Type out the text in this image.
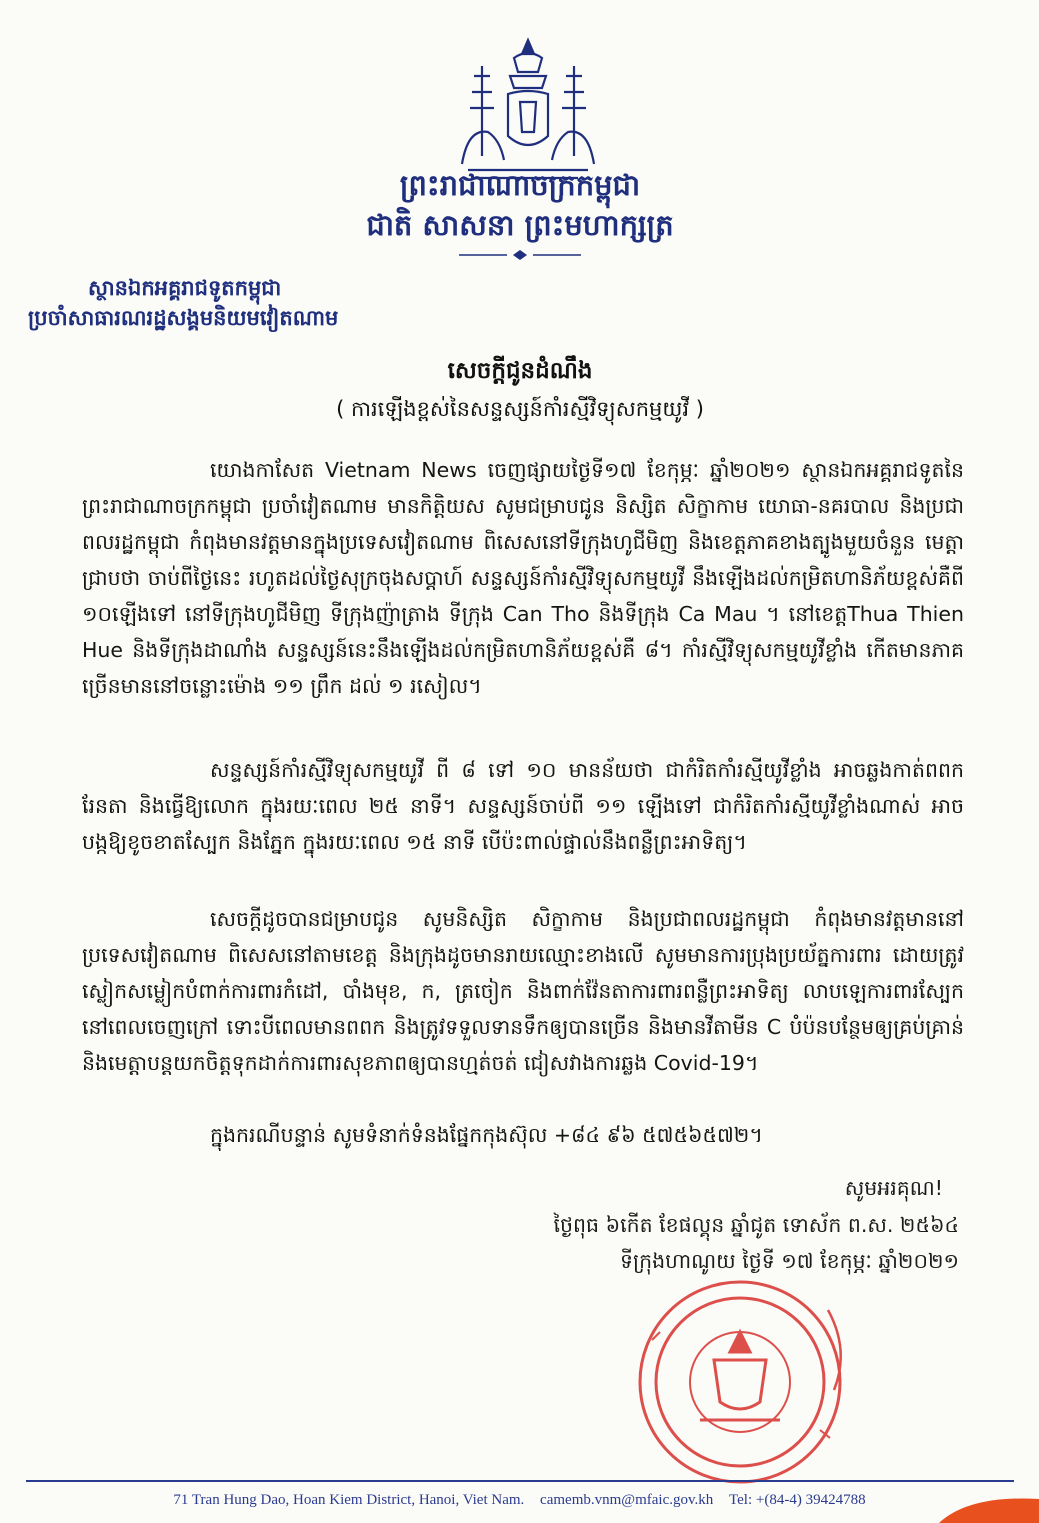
ព្រះរាជាណាចក្រកម្ពុជា
ជាតិ សាសនា ព្រះមហាក្សត្រ
ស្ថានឯកអគ្គរាជទូតកម្ពុជា
ប្រចាំសាធារណរដ្ឋសង្គមនិយមវៀតណាម
សេចក្តីជូនដំណឹង
( ការឡើងខ្ពស់នៃសន្ទស្សន៍កាំរស្មីវិទ្យុសកម្មយូវី )

យោងកាសែត Vietnam News ចេញផ្សាយថ្ងៃទី១៧ ខែកុម្ភៈ ឆ្នាំ២០២១ ស្ថានឯកអគ្គរាជទូតនៃព្រះរាជាណាចក្រកម្ពុជា ប្រចាំវៀតណាម មានកិត្តិយស សូមជម្រាបជូន និស្សិត សិក្ខាកាម យោធា-នគរបាល និងប្រជាពលរដ្ឋកម្ពុជា កំពុងមានវត្តមានក្នុងប្រទេសវៀតណាម ពិសេសនៅទីក្រុងហូជីមិញ និងខេត្តភាគខាងត្បូងមួយចំនួន មេត្តាជ្រាបថា ចាប់ពីថ្ងៃនេះ រហូតដល់ថ្ងៃសុក្រចុងសប្តាហ៍ សន្ទស្សន៍កាំរស្មីវិទ្យុសកម្មយូវី នឹងឡើងដល់កម្រិតហានិភ័យខ្ពស់គឺពី ១០ឡើងទៅ នៅទីក្រុងហូជីមិញ ទីក្រុងញ៉ាត្រាង ទីក្រុង Can Tho និងទីក្រុង Ca Mau ។ នៅខេត្តThua Thien Hue និងទីក្រុងដាណាំង សន្ទស្សន៍នេះនឹងឡើងដល់កម្រិតហានិភ័យខ្ពស់គឺ ៨។ កាំរស្មីវិទ្យុសកម្មយូវីខ្លាំង កើតមានភាគច្រើនមាននៅចន្លោះម៉ោង ១១ ព្រឹក ដល់ ១ រសៀល។

សន្ទស្សន៍កាំរស្មីវិទ្យុសកម្មយូវី ពី ៨ ទៅ ១០ មានន័យថា ជាកំរិតកាំរស្មីយូវីខ្លាំង អាចឆ្លងកាត់ពពក រែនតា និងធ្វើឱ្យលោក ក្នុងរយៈពេល ២៥ នាទី។ សន្ទស្សន៍ចាប់ពី ១១ ឡើងទៅ ជាកំរិតកាំរស្មីយូវីខ្លាំងណាស់ អាចបង្កឱ្យខូចខាតស្បែក និងភ្នែក ក្នុងរយៈពេល ១៥ នាទី បើប៉ះពាល់ផ្ទាល់នឹងពន្លឺព្រះអាទិត្យ។

សេចក្តីដូចបានជម្រាបជូន សូមនិស្សិត សិក្ខាកាម និងប្រជាពលរដ្ឋកម្ពុជា កំពុងមានវត្តមាននៅប្រទេសវៀតណាម ពិសេសនៅតាមខេត្ត និងក្រុងដូចមានរាយឈ្មោះខាងលើ សូមមានការប្រុងប្រយ័ត្នការពារ ដោយត្រូវស្លៀកសម្លៀកបំពាក់ការពារកំដៅ, បាំងមុខ, ក, ត្រចៀក និងពាក់វ៉ែនតាការពារពន្លឺព្រះអាទិត្យ លាបឡេការពារស្បែក នៅពេលចេញក្រៅ ទោះបីពេលមានពពក និងត្រូវទទួលទានទឹកឲ្យបានច្រើន និងមានវីតាមីន C បំប៉នបន្ថែមឲ្យគ្រប់គ្រាន់ និងមេត្តាបន្តយកចិត្តទុកដាក់ការពារសុខភាពឲ្យបានហ្មត់ចត់ ជៀសវាងការឆ្លង Covid-19។

ក្នុងករណីបន្ទាន់ សូមទំនាក់ទំនងផ្នែកកុងស៊ុល +៨៤ ៩៦ ៥៧៥៦៥៧២។

សូមអរគុណ!
ថ្ងៃពុធ ៦កើត ខែផល្គុន ឆ្នាំជូត ទោស័ក ព.ស. ២៥៦៤
ទីក្រុងហាណូយ ថ្ងៃទី ១៧ ខែកុម្ភៈ ឆ្នាំ២០២១
71 Tran Hung Dao, Hoan Kiem District, Hanoi, Viet Nam. camemb.vnm@mfaic.gov.kh Tel: +(84-4) 39424788
